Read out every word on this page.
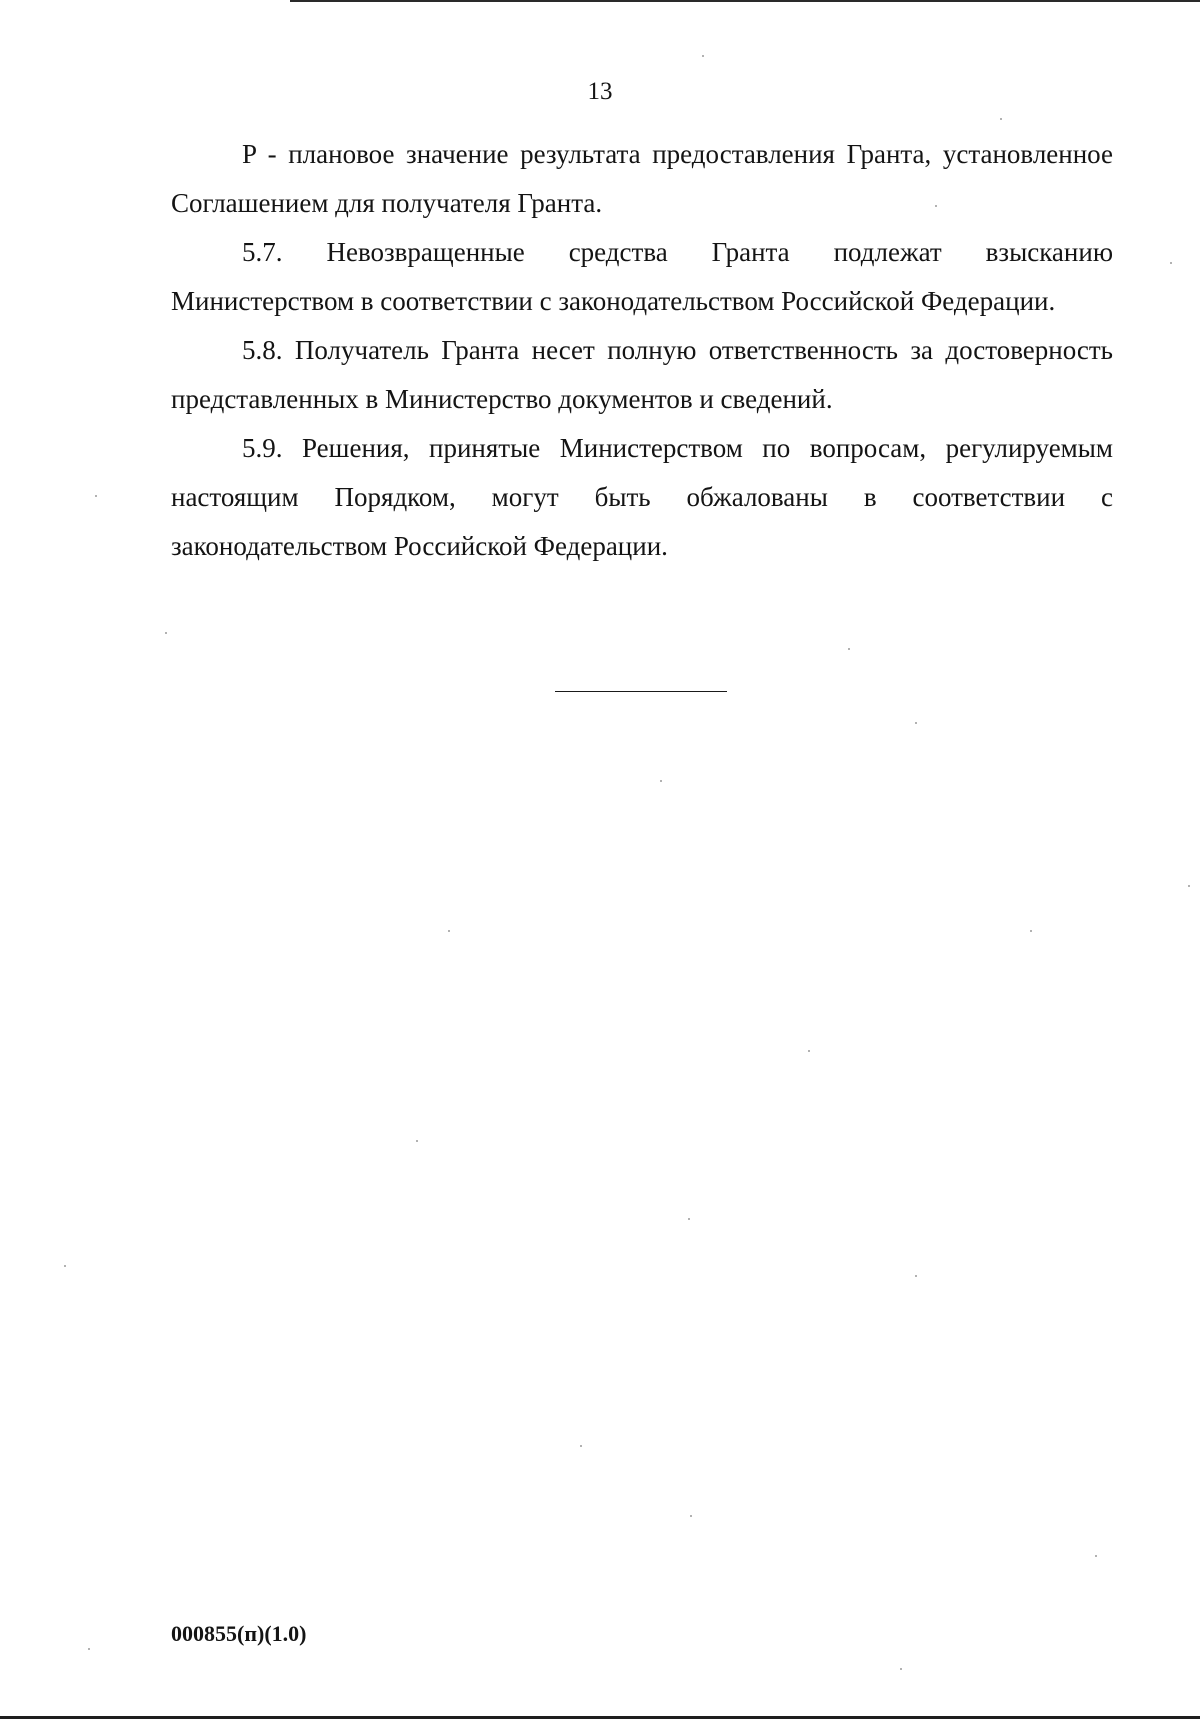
13

P - плановое значение результата предоставления Гранта, установленное Соглашением для получателя Гранта.

5.7. Невозвращенные средства Гранта подлежат взысканию Министерством в соответствии с законодательством Российской Федерации.

5.8. Получатель Гранта несет полную ответственность за достоверность представленных в Министерство документов и сведений.

5.9. Решения, принятые Министерством по вопросам, регулируемым настоящим Порядком, могут быть обжалованы в соответствии с законодательством Российской Федерации.

000855(п)(1.0)
